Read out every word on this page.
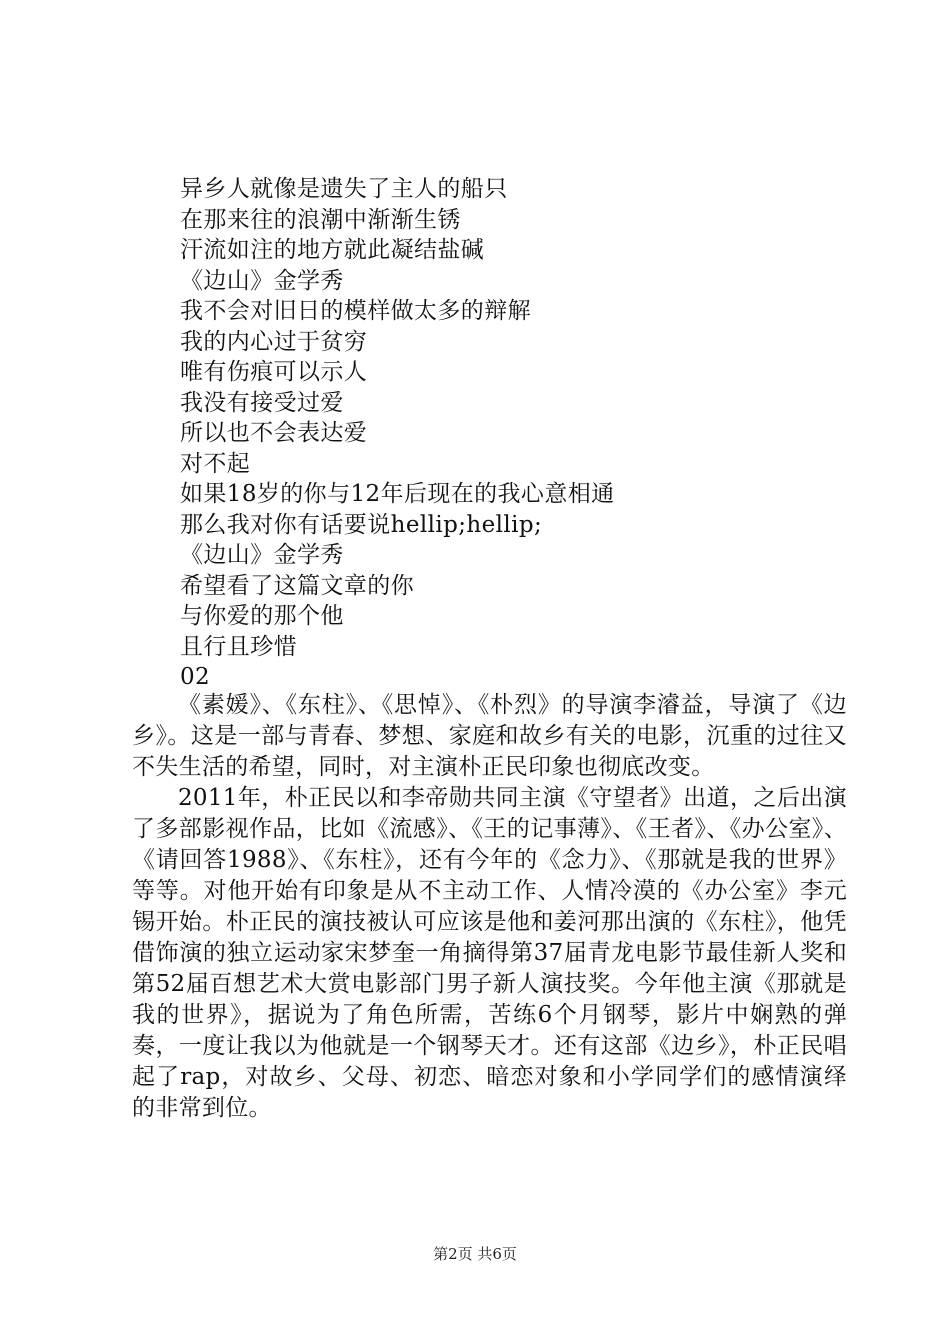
异乡人就像是遗失了主人的船只
在那来往的浪潮中渐渐生锈
汗流如注的地方就此凝结盐碱
《边山》金学秀
我不会对旧日的模样做太多的辩解
我的内心过于贫穷
唯有伤痕可以示人
我没有接受过爱
所以也不会表达爱
对不起
如果18岁的你与12年后现在的我心意相通
那么我对你有话要说hellip;hellip;
《边山》金学秀
希望看了这篇文章的你
与你爱的那个他
且行且珍惜
02

《素媛》、《东柱》、《思悼》、《朴烈》的导演李濬益，导演了《边乡》。这是一部与青春、梦想、家庭和故乡有关的电影，沉重的过往又不失生活的希望，同时，对主演朴正民印象也彻底改变。

2011年，朴正民以和李帝勋共同主演《守望者》出道，之后出演了多部影视作品，比如《流感》、《王的记事薄》、《王者》、《办公室》、《请回答1988》、《东柱》，还有今年的《念力》、《那就是我的世界》等等。对他开始有印象是从不主动工作、人情冷漠的《办公室》李元锡开始。朴正民的演技被认可应该是他和姜河那出演的《东柱》，他凭借饰演的独立运动家宋梦奎一角摘得第37届青龙电影节最佳新人奖和第52届百想艺术大赏电影部门男子新人演技奖。今年他主演《那就是我的世界》，据说为了角色所需，苦练6个月钢琴，影片中娴熟的弹奏，一度让我以为他就是一个钢琴天才。还有这部《边乡》，朴正民唱起了rap，对故乡、父母、初恋、暗恋对象和小学同学们的感情演绎的非常到位。

第2页 共6页
